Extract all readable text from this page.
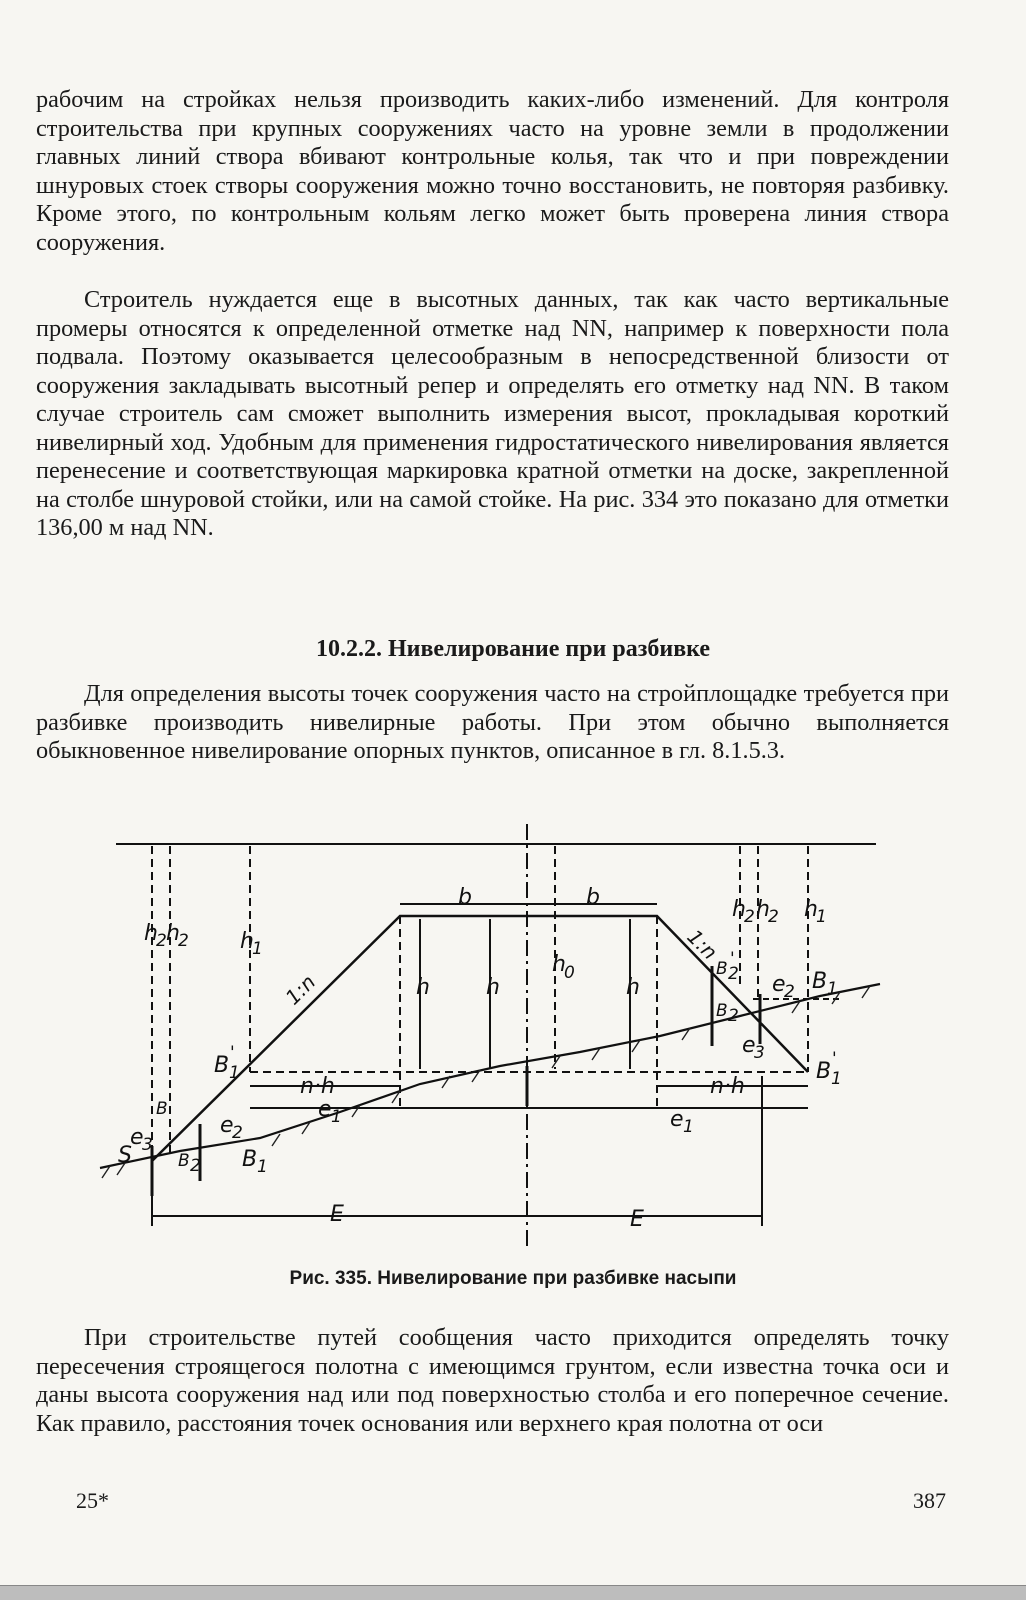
рабочим на стройках нельзя производить каких-либо изменений. Для контроля строительства при крупных сооружениях часто на уровне земли в продолжении главных линий створа вбивают контрольные колья, так что и при повреждении шнуровых стоек створы сооружения можно точно восстановить, не повторяя разбивку. Кроме этого, по контрольным кольям легко может быть проверена линия створа сооружения.

Строитель нуждается еще в высотных данных, так как часто вертикальные промеры относятся к определенной отметке над NN, например к поверхности пола подвала. Поэтому оказывается целесообразным в непосредственной близости от сооружения закладывать высотный репер и определять его отметку над NN. В таком случае строитель сам сможет выполнить измерения высот, прокладывая короткий нивелирный ход. Удобным для применения гидростатического нивелирования является перенесение и соответствующая маркировка кратной отметки на доске, закрепленной на столбе шнуровой стойки, или на самой стойке. На рис. 334 это показано для отметки 136,00 м над NN.

10.2.2. Нивелирование при разбивке

Для определения высоты точек сооружения часто на стройплощадке требуется при разбивке производить нивелирные работы. При этом обычно выполняется обыкновенное нивелирование опорных пунктов, описанное в гл. 8.1.5.3.

b	b
h	h	h
h
0
h
1
h
2 h
2
h
2 h
2 h
1
1:n
1:n
n·h	n·h
e 1	e 1
e
2
e
2
e
3
e
3
E	E
B 1
B 1
B 1
'
B 1
'
B
B 2
B 2
B 2
'
S

Рис. 335. Нивелирование при разбивке насыпи

При строительстве путей сообщения часто приходится определять точку пересечения строящегося полотна с имеющимся грунтом, если известна точка оси и даны высота сооружения над или под поверхностью столба и его поперечное сечение. Как правило, расстояния точек основания или верхнего края полотна от оси

25*	387
